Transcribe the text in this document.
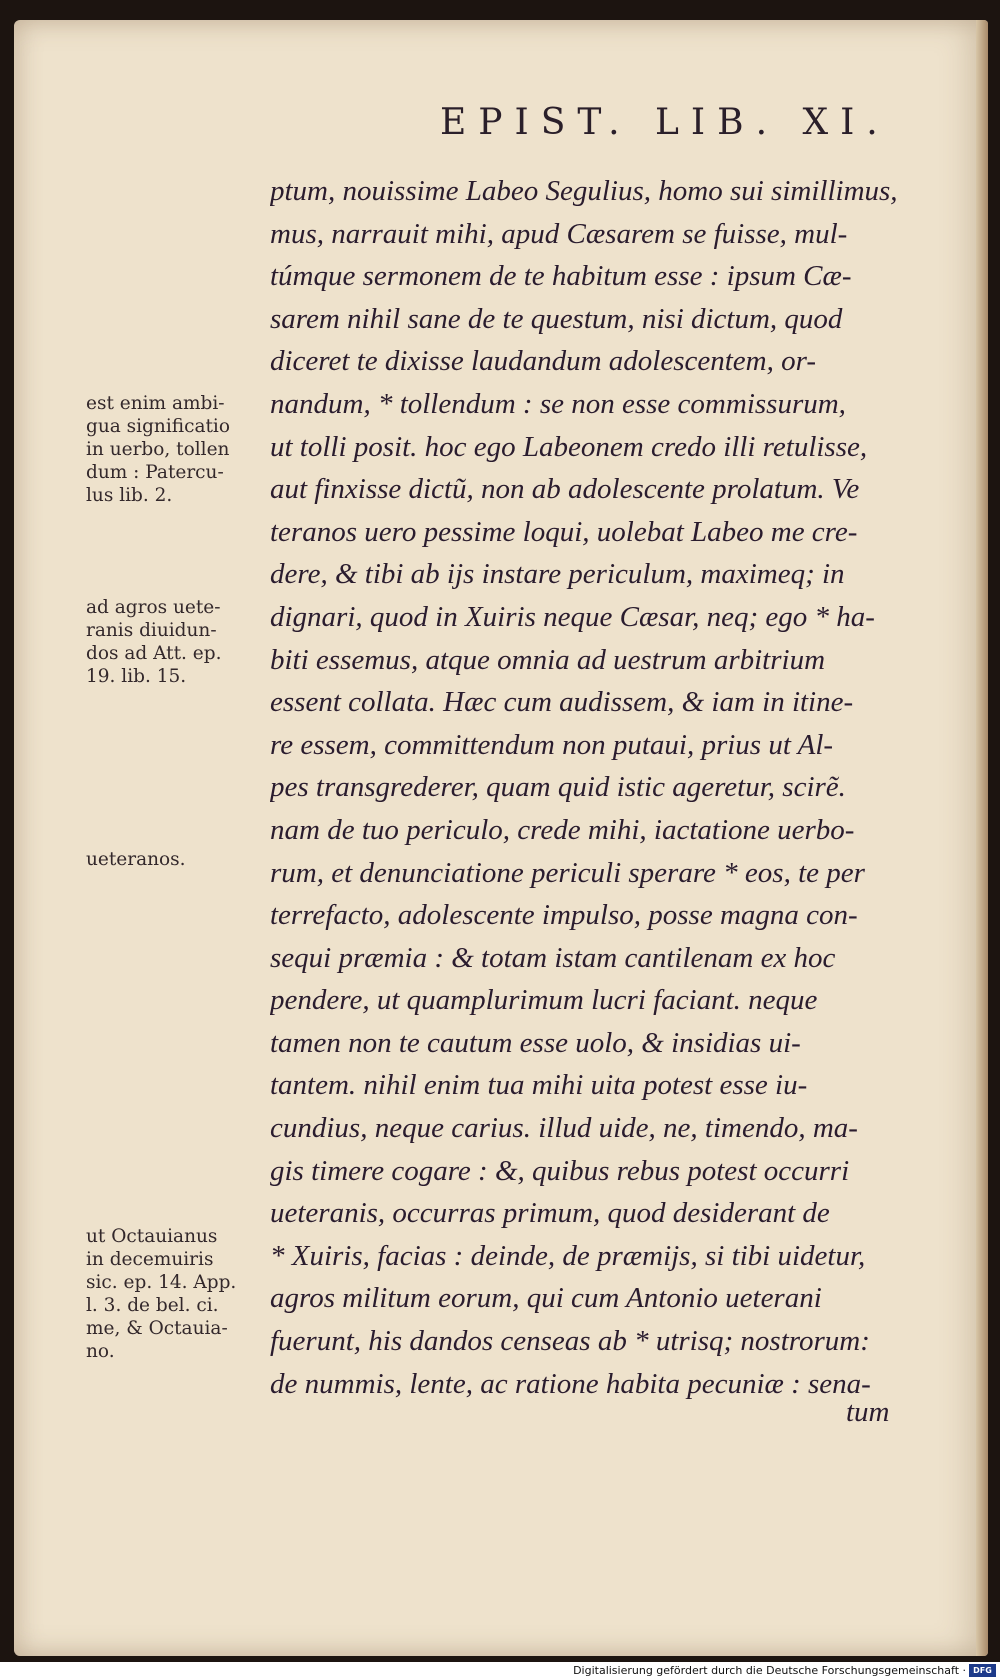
EPIST. LIB. XI.
ptum, nouissime Labeo Segulius, homo sui simillimus,
mus, narrauit mihi, apud Cæsarem se fuisse, mul-
túmque sermonem de te habitum esse : ipsum Cæ-
sarem nihil sane de te questum, nisi dictum, quod
diceret te dixisse laudandum adolescentem, or-
nandum, * tollendum : se non esse commissurum,
ut tolli posit. hoc ego Labeonem credo illi retulisse,
aut finxisse dictũ, non ab adolescente prolatum. Ve
teranos uero pessime loqui, uolebat Labeo me cre-
dere, & tibi ab ijs instare periculum, maximeq; in
dignari, quod in Xuiris neque Cæsar, neq; ego * ha-
biti essemus, atque omnia ad uestrum arbitrium
essent collata. Hæc cum audissem, & iam in itine-
re essem, committendum non putaui, prius ut Al-
pes transgrederer, quam quid istic ageretur, scirẽ.
nam de tuo periculo, crede mihi, iactatione uerbo-
rum, et denunciatione periculi sperare * eos, te per
terrefacto, adolescente impulso, posse magna con-
sequi præmia : & totam istam cantilenam ex hoc
pendere, ut quamplurimum lucri faciant. neque
tamen non te cautum esse uolo, & insidias ui-
tantem. nihil enim tua mihi uita potest esse iu-
cundius, neque carius. illud uide, ne, timendo, ma-
gis timere cogare : &, quibus rebus potest occurri
ueteranis, occurras primum, quod desiderant de
* Xuiris, facias : deinde, de præmijs, si tibi uidetur,
agros militum eorum, qui cum Antonio ueterani
fuerunt, his dandos censeas ab * utrisq; nostrorum:
de nummis, lente, ac ratione habita pecuniæ : sena-
tum
est enim ambi-
gua significatio
in uerbo, tollen
dum : Patercu-
lus lib. 2.
ad agros uete-
ranis diuidun-
dos ad Att. ep.
19. lib. 15.
ueteranos.
ut Octauianus
in decemuiris
sic. ep. 14. App.
l. 3. de bel. ci.
me, & Octauia-
no.
Digitalisierung gefördert durch die Deutsche Forschungsgemeinschaft · DFG
